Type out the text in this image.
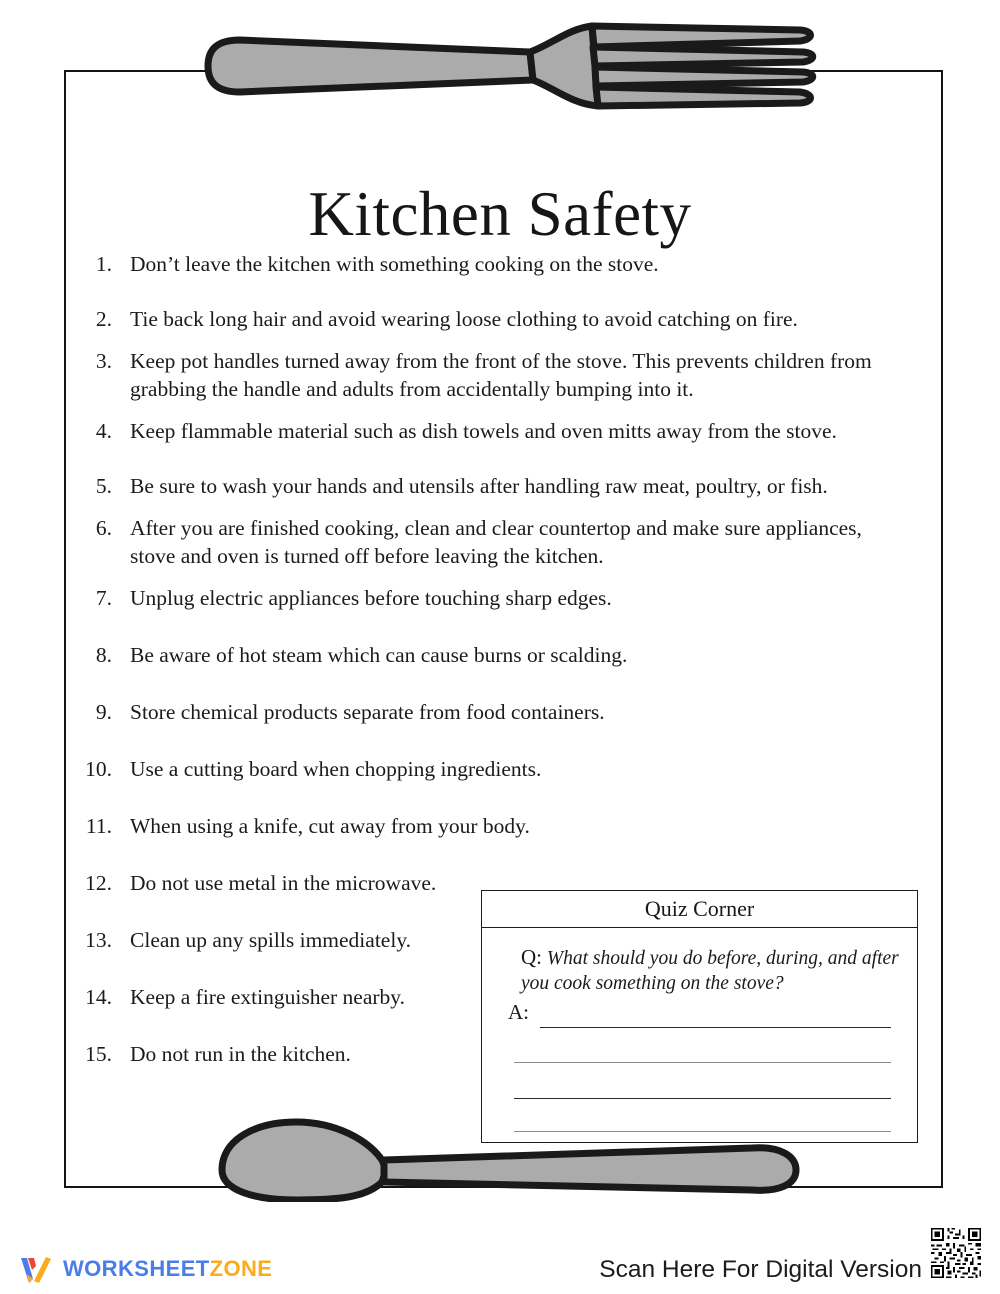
Kitchen Safety
1. Don’t leave the kitchen with something cooking on the stove.
2. Tie back long hair and avoid wearing loose clothing to avoid catching on fire.
3. Keep pot handles turned away from the front of the stove. This prevents children from grabbing the handle and adults from accidentally bumping into it.
4. Keep flammable material such as dish towels and oven mitts away from the stove.
5. Be sure to wash your hands and utensils after handling raw meat, poultry, or fish.
6. After you are finished cooking, clean and clear countertop and make sure appliances, stove and oven is turned off before leaving the kitchen.
7. Unplug electric appliances before touching sharp edges.
8. Be aware of hot steam which can cause burns or scalding.
9. Store chemical products separate from food containers.
10. Use a cutting board when chopping ingredients.
11. When using a knife, cut away from your body.
12. Do not use metal in the microwave.
13. Clean up any spills immediately.
14. Keep a fire extinguisher nearby.
15. Do not run in the kitchen.
Quiz Corner
Q: What should you do before, during, and after you cook something on the stove?
A:
WORKSHEETZONE	Scan Here For Digital Version
